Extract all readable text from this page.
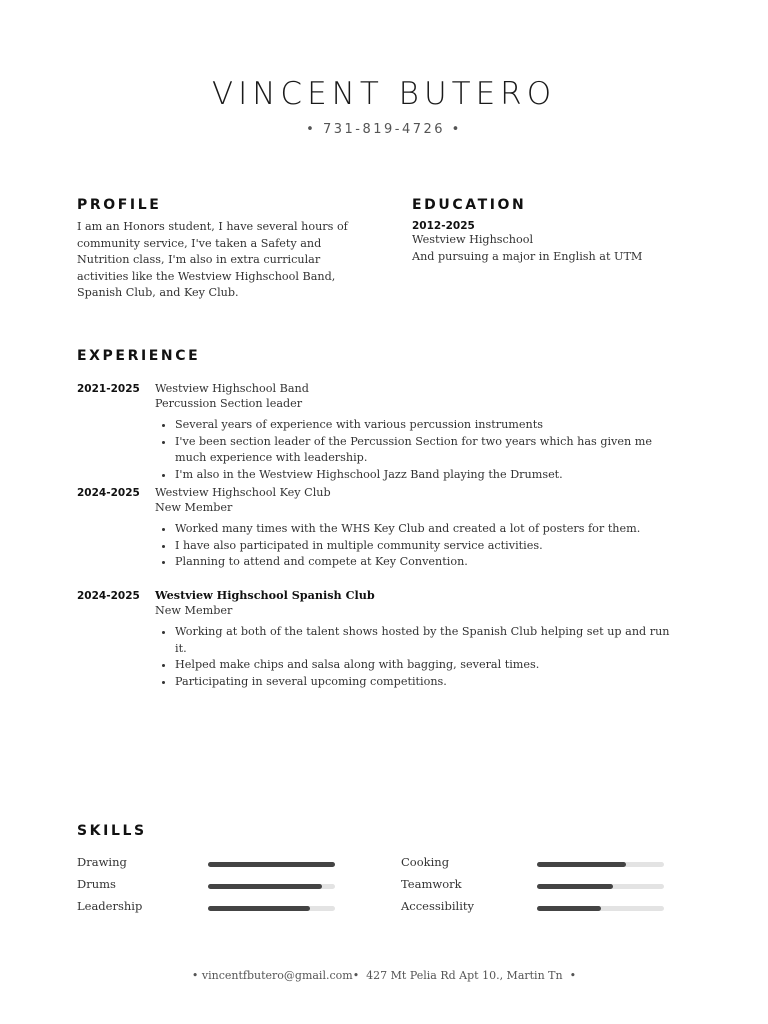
VINCENT BUTERO
• 731-819-4726 •
PROFILE

I am an Honors student, I have several hours of community service, I've taken a Safety and Nutrition class, I'm also in extra curricular activities like the Westview Highschool Band, Spanish Club, and Key Club.

EDUCATION
2012-2025
Westview Highschool
And pursuing a major in English at UTM
EXPERIENCE
2021-2025 Westview Highschool Band
Percussion Section leader
• Several years of experience with various percussion instruments
• I've been section leader of the Percussion Section for two years which has given me much experience with leadership.
• I'm also in the Westview Highschool Jazz Band playing the Drumset.
2024-2025 Westview Highschool Key Club
New Member
• Worked many times with the WHS Key Club and created a lot of posters for them.
• I have also participated in multiple community service activities.
• Planning to attend and compete at Key Convention.
2024-2025 Westview Highschool Spanish Club
New Member
• Working at both of the talent shows hosted by the Spanish Club helping set up and run it.
• Helped make chips and salsa along with bagging, several times.
• Participating in several upcoming competitions.
SKILLS
Drawing
Drums
Leadership
Cooking
Teamwork
Accessibility
• vincentfbutero@gmail.com•  427 Mt Pelia Rd Apt 10., Martin Tn  •
